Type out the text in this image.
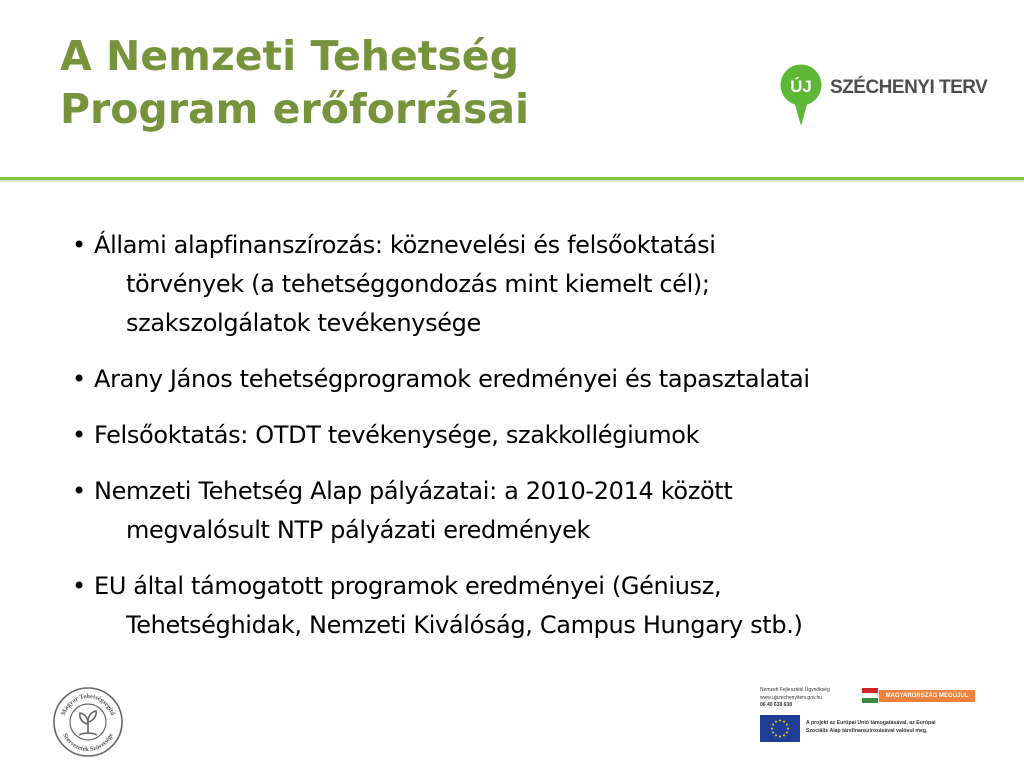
A Nemzeti Tehetség
Program erőforrásai	ÚJ SZÉCHENYI TERV
• Állami alapfinanszírozás: köznevelési és felsőoktatási
törvények (a tehetséggondozás mint kiemelt cél);
szakszolgálatok tevékenysége
• Arany János tehetségprogramok eredményei és tapasztalatai
• Felsőoktatás: OTDT tevékenysége, szakkollégiumok
• Nemzeti Tehetség Alap pályázatai: a 2010-2014 között
megvalósult NTP pályázati eredmények
• EU által támogatott programok eredményei (Géniusz,
Tehetséghidak, Nemzeti Kiválóság, Campus Hungary stb.)
Magyar Tehetségsegítő
Szervezetek Szövetsége
Nemzeti Fejlesztési Ügynökség
www.ujszechenyiterv.gov.hu
06 40 638 638
MAGYARORSZÁG MEGÚJUL
A projekt az Európai Unió támogatásával, az Európai
Szociális Alap társfinanszírozásával valósul meg.
